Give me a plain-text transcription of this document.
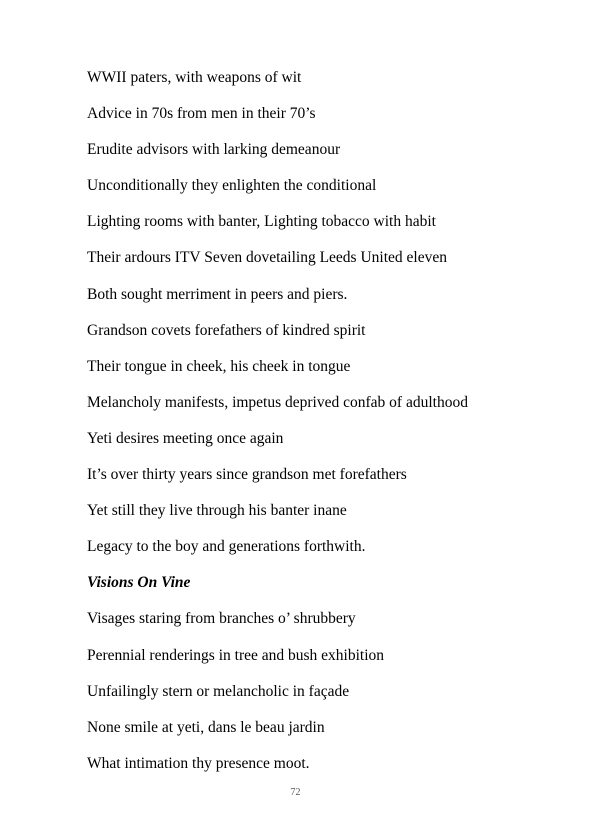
WWII paters, with weapons of wit
Advice in 70s from men in their 70’s
Erudite advisors with larking demeanour
Unconditionally they enlighten the conditional
Lighting rooms with banter, Lighting tobacco with habit
Their ardours ITV Seven dovetailing Leeds United eleven
Both sought merriment in peers and piers.
Grandson covets forefathers of kindred spirit
Their tongue in cheek, his cheek in tongue
Melancholy manifests, impetus deprived confab of adulthood
Yeti desires meeting once again
It’s over thirty years since grandson met forefathers
Yet still they live through his banter inane
Legacy to the boy and generations forthwith.
Visions On Vine
Visages staring from branches o’ shrubbery
Perennial renderings in tree and bush exhibition
Unfailingly stern or melancholic in façade
None smile at yeti, dans le beau jardin
What intimation thy presence moot.
72
